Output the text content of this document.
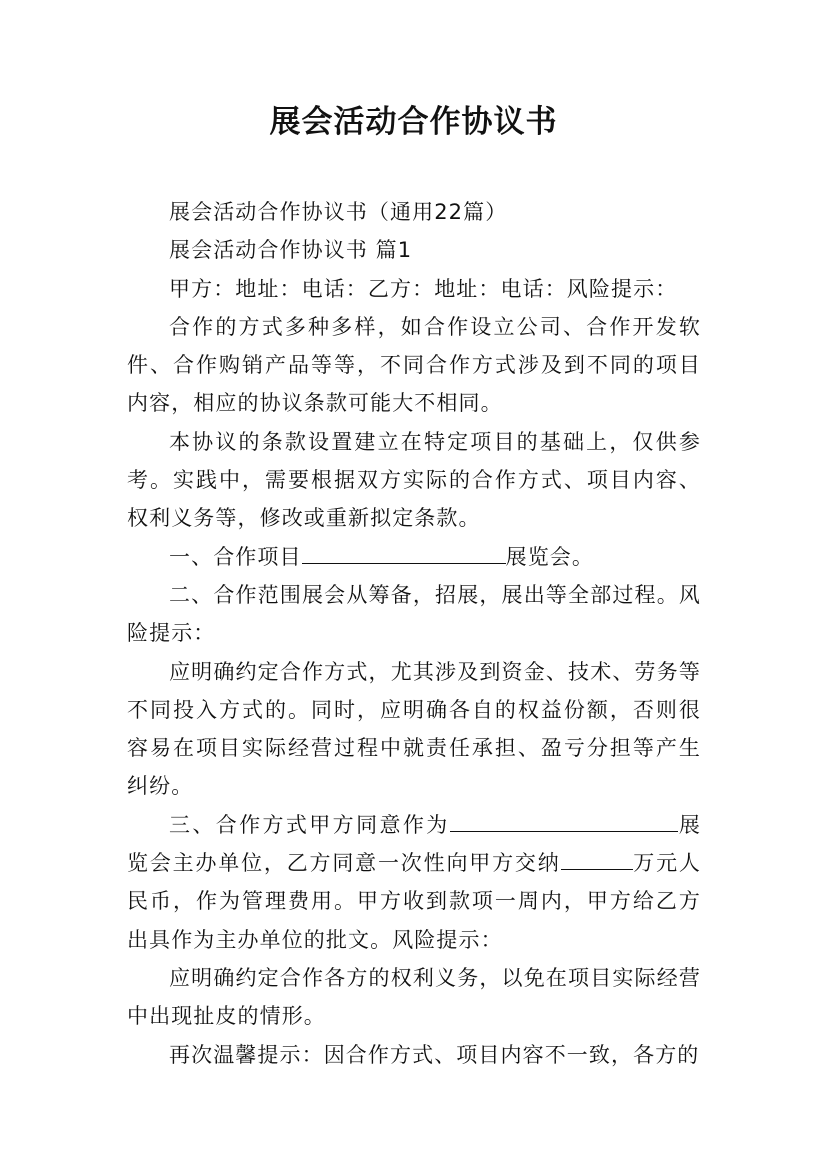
展会活动合作协议书

展会活动合作协议书（通用22篇）

展会活动合作协议书 篇1

甲方：地址：电话：乙方：地址：电话：风险提示：

合作的方式多种多样，如合作设立公司、合作开发软件、合作购销产品等等，不同合作方式涉及到不同的项目内容，相应的协议条款可能大不相同。

本协议的条款设置建立在特定项目的基础上，仅供参考。实践中，需要根据双方实际的合作方式、项目内容、权利义务等，修改或重新拟定条款。

一、合作项目	展览会。

二、合作范围展会从筹备，招展，展出等全部过程。风险提示：

应明确约定合作方式，尤其涉及到资金、技术、劳务等不同投入方式的。同时，应明确各自的权益份额，否则很容易在项目实际经营过程中就责任承担、盈亏分担等产生纠纷。

三、合作方式甲方同意作为	展览会主办单位，乙方同意一次性向甲方交纳	万元人民币，作为管理费用。甲方收到款项一周内，甲方给乙方出具作为主办单位的批文。风险提示：

应明确约定合作各方的权利义务，以免在项目实际经营中出现扯皮的情形。

再次温馨提示：因合作方式、项目内容不一致，各方的
